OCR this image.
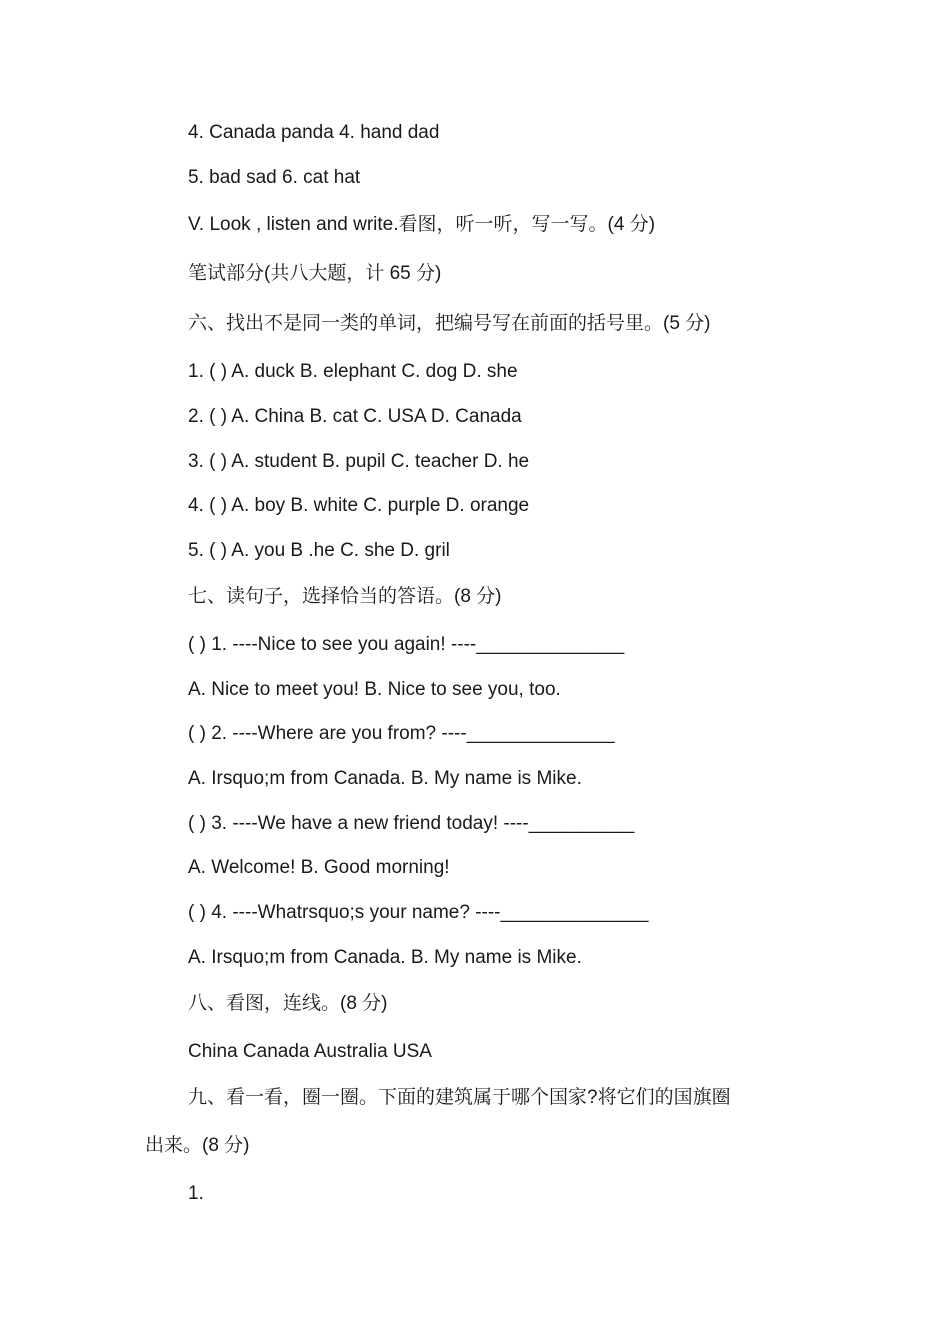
4. Canada panda 4. hand dad
5. bad sad 6. cat hat
V. Look , listen and write.看图，听一听，写一写。(4 分)
笔试部分(共八大题，计 65 分)
六、找出不是同一类的单词，把编号写在前面的括号里。(5 分)
1. ( ) A. duck B. elephant C. dog D. she
2. ( ) A. China B. cat C. USA D. Canada
3. ( ) A. student B. pupil C. teacher D. he
4. ( ) A. boy B. white C. purple D. orange
5. ( ) A. you B .he C. she D. gril
七、读句子，选择恰当的答语。(8 分)
( ) 1. ----Nice to see you again! ----______________
A. Nice to meet you! B. Nice to see you, too.
( ) 2. ----Where are you from? ----______________
A. Irsquo;m from Canada. B. My name is Mike.
( ) 3. ----We have a new friend today! ----__________
A. Welcome! B. Good morning!
( ) 4. ----Whatrsquo;s your name? ----______________
A. Irsquo;m from Canada. B. My name is Mike.
八、看图，连线。(8 分)
China Canada Australia USA
九、看一看，圈一圈。下面的建筑属于哪个国家?将它们的国旗圈
出来。(8 分)
1.
